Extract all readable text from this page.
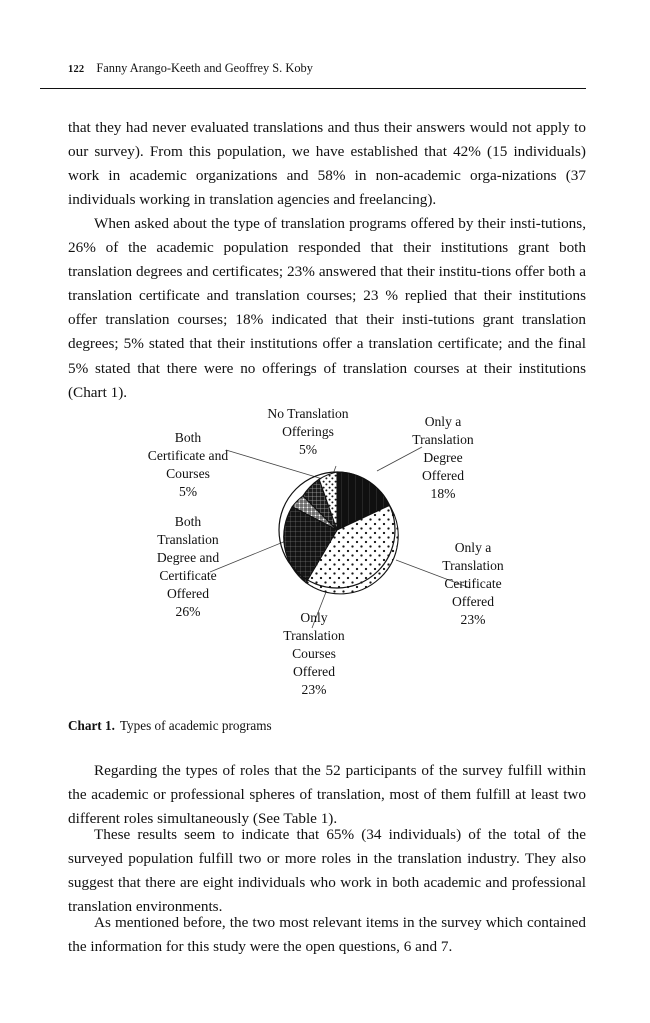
122 Fanny Arango-Keeth and Geoffrey S. Koby

that they had never evaluated translations and thus their answers would not apply to our survey). From this population, we have established that 42% (15 individuals) work in academic organizations and 58% in non-academic orga-nizations (37 individuals working in translation agencies and freelancing).

When asked about the type of translation programs offered by their insti-tutions, 26% of the academic population responded that their institutions grant both translation degrees and certificates; 23% answered that their institu-tions offer both a translation certificate and translation courses; 23 % replied that their institutions offer translation courses; 18% indicated that their insti-tutions grant translation degrees; 5% stated that their institutions offer a translation certificate; and the final 5% stated that there were no offerings of translation courses at their institutions (Chart 1).

No Translation
Offerings
5%
Both
Certificate and
Courses
5%
Both
Translation
Degree and
Certificate
Offered
26%
Only a
Translation
Degree
Offered
18%
Only a
Translation
Certificate
Offered
23%
Only
Translation
Courses
Offered
23%
Chart 1. Types of academic programs

Regarding the types of roles that the 52 participants of the survey fulfill within the academic or professional spheres of translation, most of them fulfill at least two different roles simultaneously (See Table 1).

These results seem to indicate that 65% (34 individuals) of the total of the surveyed population fulfill two or more roles in the translation industry. They also suggest that there are eight individuals who work in both academic and professional translation environments.

As mentioned before, the two most relevant items in the survey which contained the information for this study were the open questions, 6 and 7.
